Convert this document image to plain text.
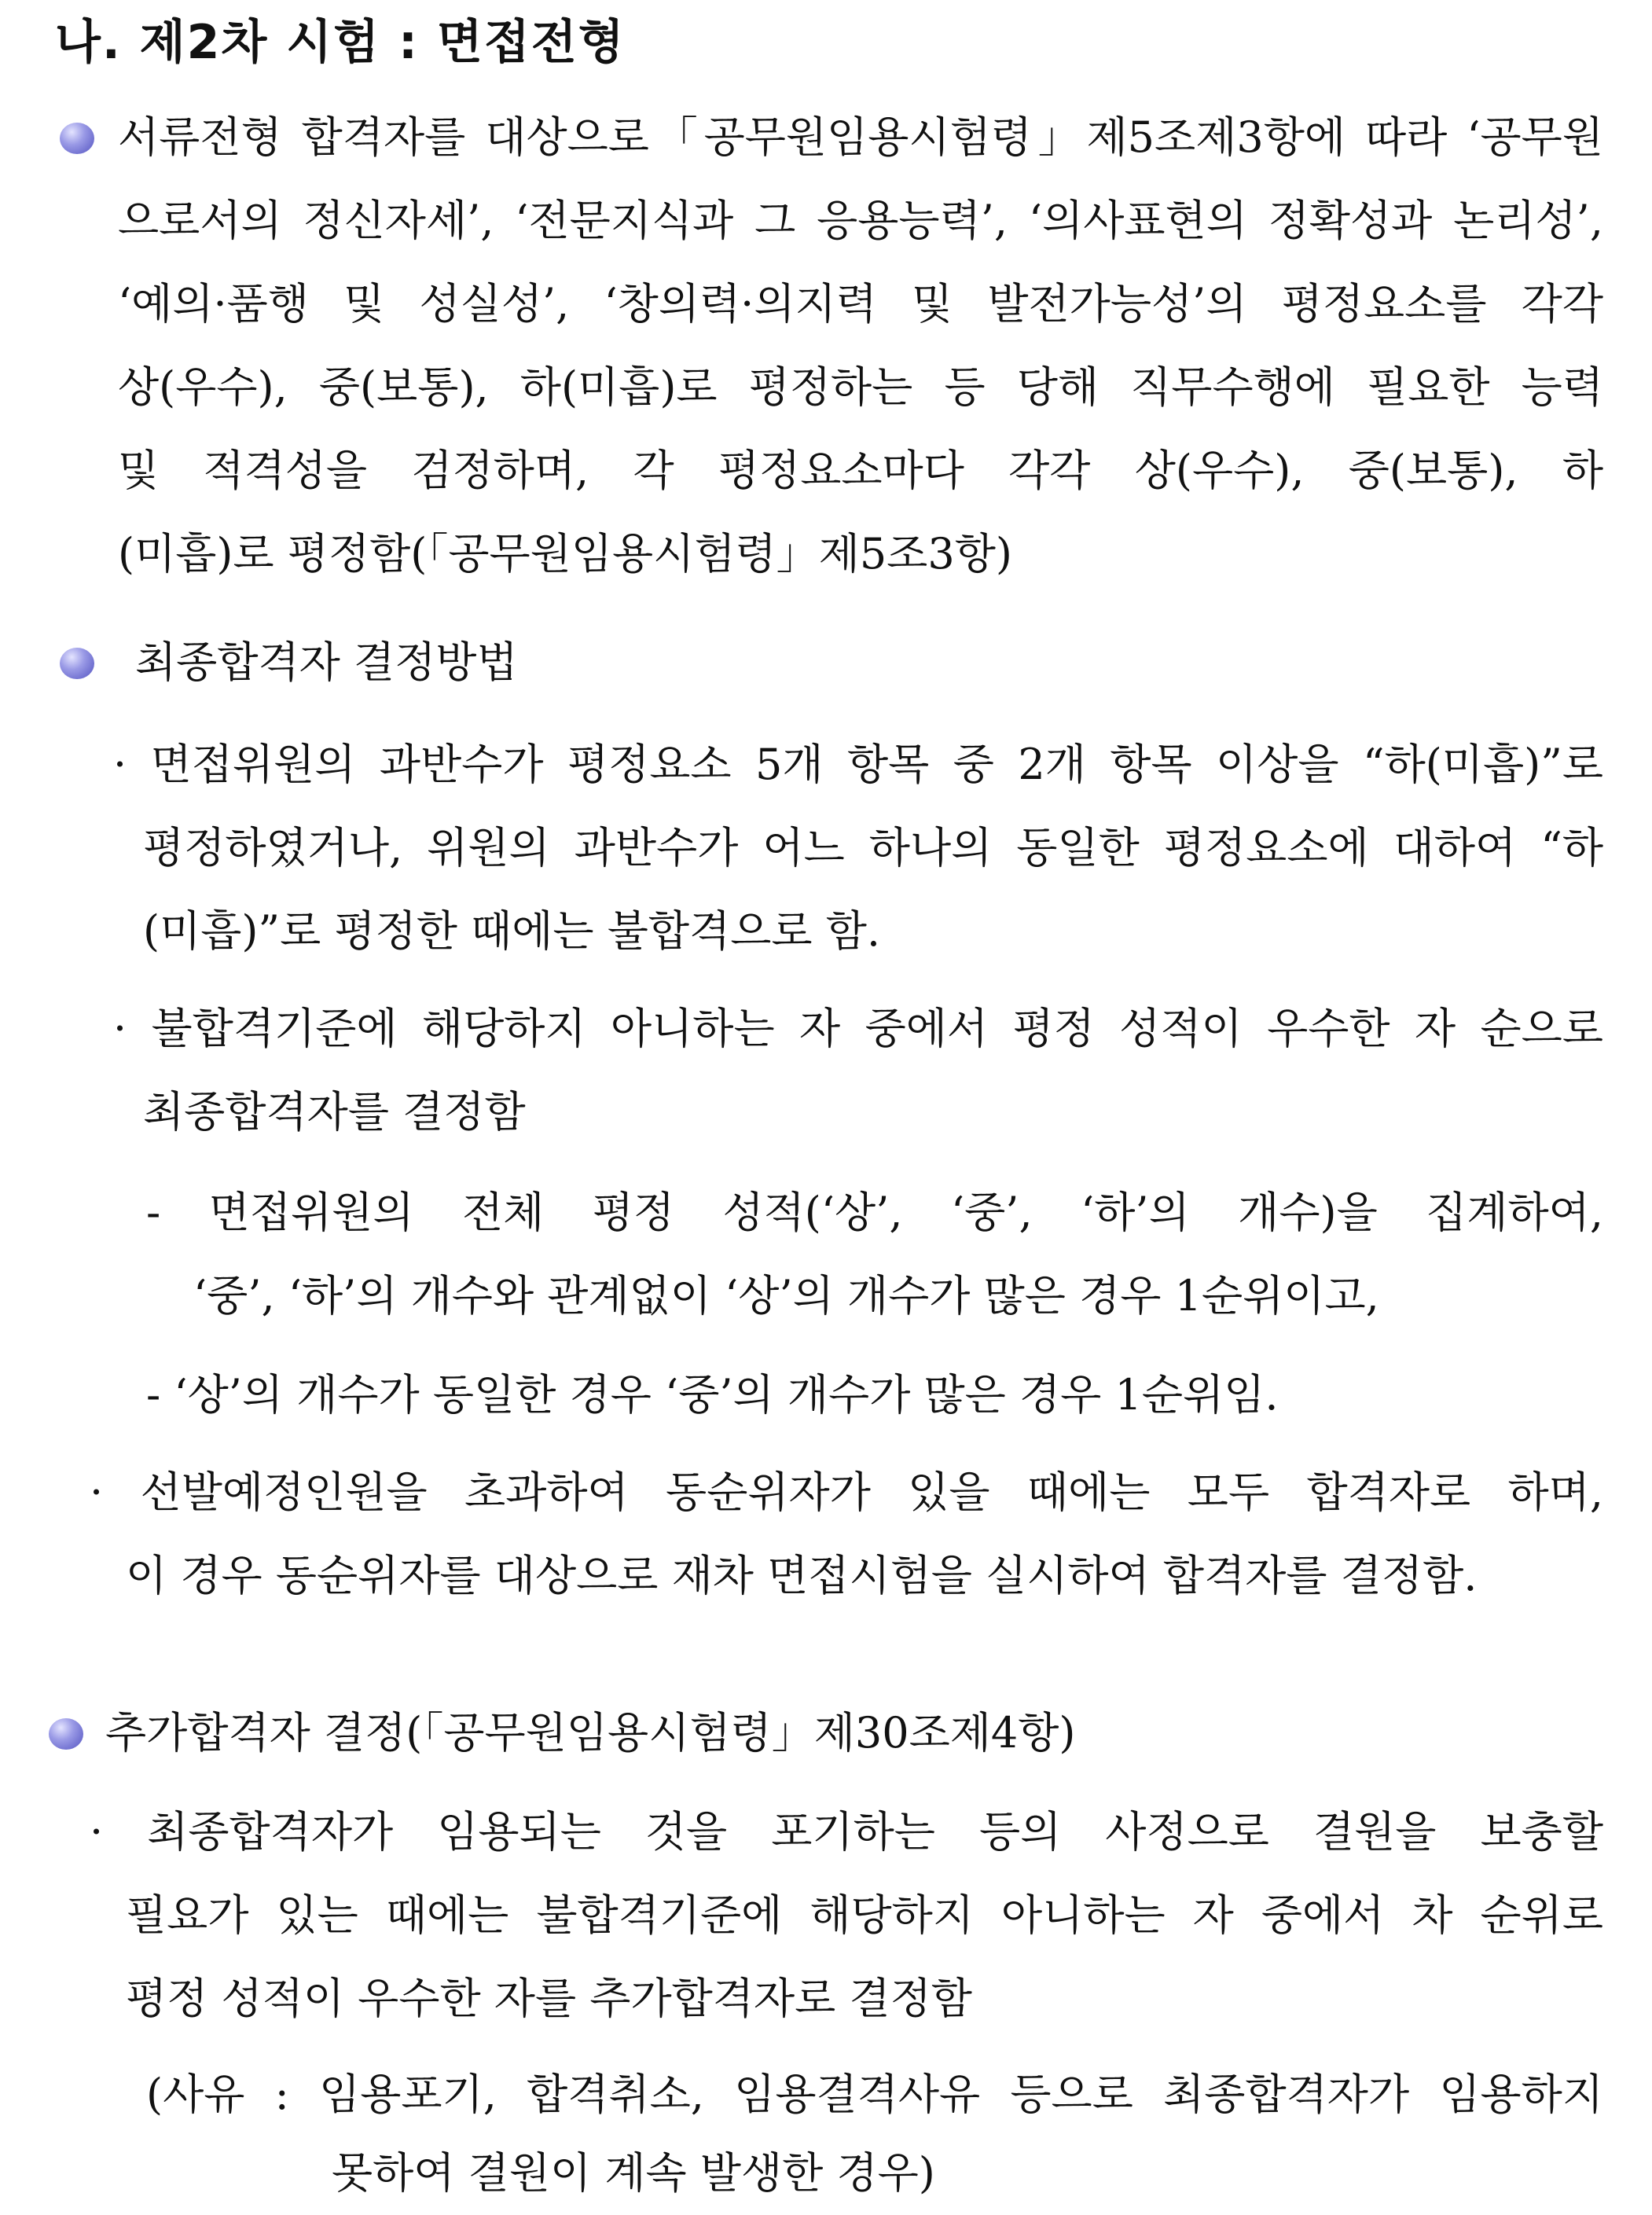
나. 제2차 시험 : 면접전형
서류전형 합격자를 대상으로「공무원임용시험령」제5조제3항에 따라 ‘공무원
으로서의 정신자세’, ‘전문지식과 그 응용능력’, ‘의사표현의 정확성과 논리성’,
‘예의·품행 및 성실성’, ‘창의력·의지력 및 발전가능성’의 평정요소를 각각
상(우수), 중(보통), 하(미흡)로 평정하는 등 당해 직무수행에 필요한 능력
및 적격성을 검정하며, 각 평정요소마다 각각 상(우수), 중(보통), 하
(미흡)로 평정함(「공무원임용시험령」제5조3항)
최종합격자 결정방법
· 면접위원의 과반수가 평정요소 5개 항목 중 2개 항목 이상을 “하(미흡)”로
평정하였거나, 위원의 과반수가 어느 하나의 동일한 평정요소에 대하여 “하
(미흡)”로 평정한 때에는 불합격으로 함.
· 불합격기준에 해당하지 아니하는 자 중에서 평정 성적이 우수한 자 순으로
최종합격자를 결정함
- 면접위원의 전체 평정 성적(‘상’, ‘중’, ‘하’의 개수)을 집계하여,
‘중’, ‘하’의 개수와 관계없이 ‘상’의 개수가 많은 경우 1순위이고,
- ‘상’의 개수가 동일한 경우 ‘중’의 개수가 많은 경우 1순위임.
· 선발예정인원을 초과하여 동순위자가 있을 때에는 모두 합격자로 하며,
이 경우 동순위자를 대상으로 재차 면접시험을 실시하여 합격자를 결정함.
추가합격자 결정(「공무원임용시험령」제30조제4항)
· 최종합격자가 임용되는 것을 포기하는 등의 사정으로 결원을 보충할
필요가 있는 때에는 불합격기준에 해당하지 아니하는 자 중에서 차 순위로
평정 성적이 우수한 자를 추가합격자로 결정함
(사유 : 임용포기, 합격취소, 임용결격사유 등으로 최종합격자가 임용하지
못하여 결원이 계속 발생한 경우)
